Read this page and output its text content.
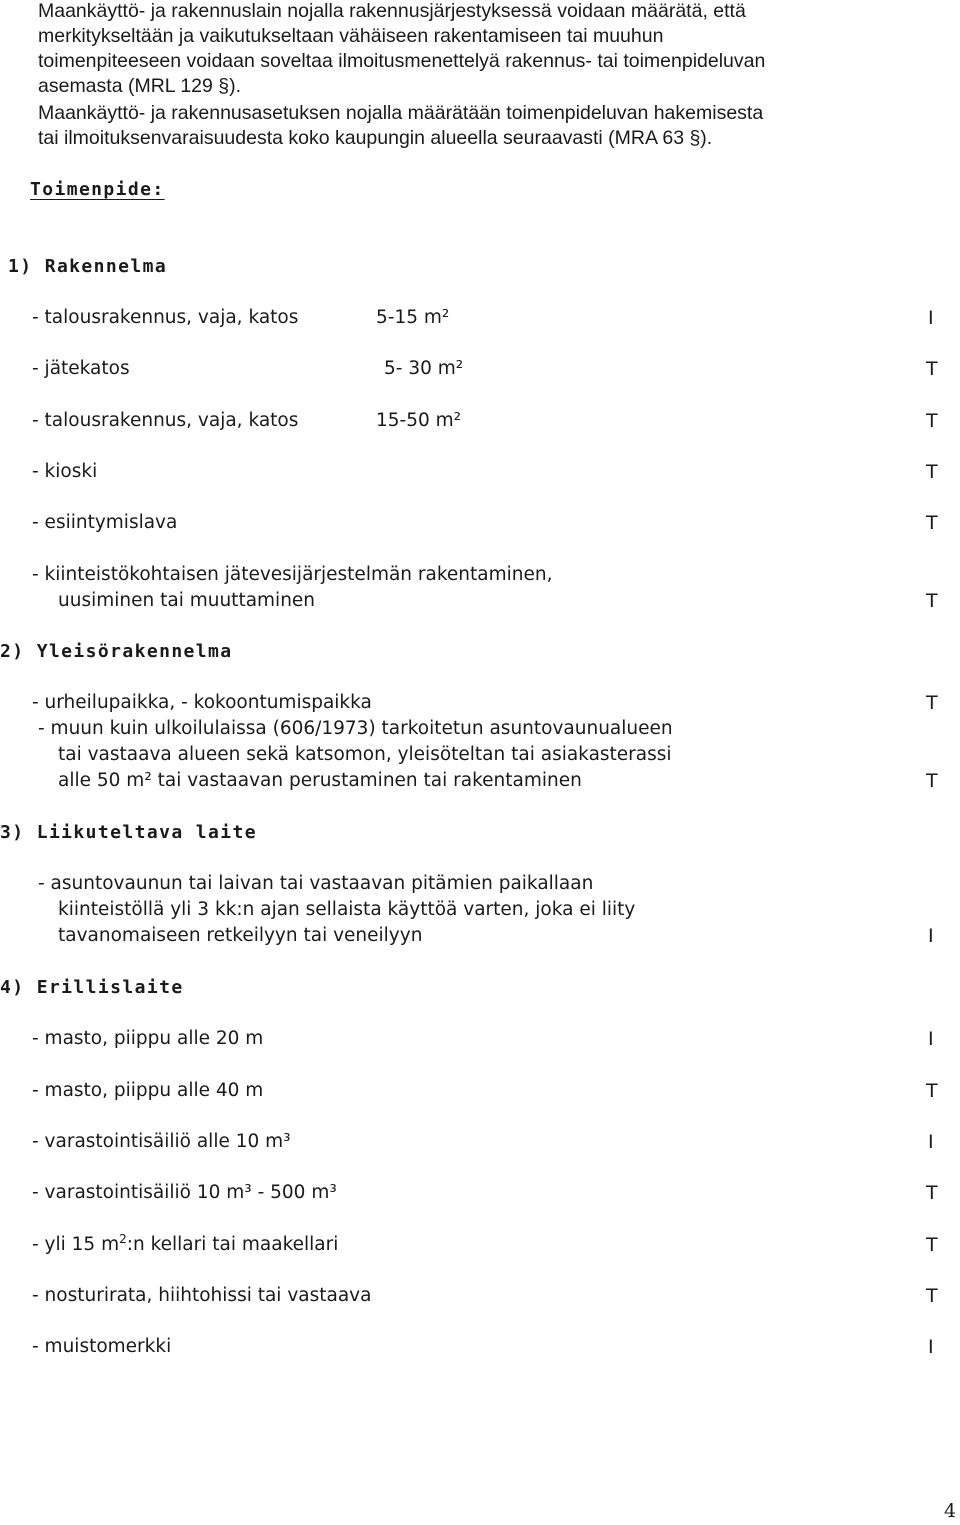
Maankäyttö- ja rakennuslain nojalla rakennusjärjestyksessä voidaan määrätä, että
merkitykseltään ja vaikutukseltaan vähäiseen rakentamiseen tai muuhun
toimenpiteeseen voidaan soveltaa ilmoitusmenettelyä rakennus- tai toimenpideluvan
asemasta (MRL 129 §).
Maankäyttö- ja rakennusasetuksen nojalla määrätään toimenpideluvan hakemisesta
tai ilmoituksenvaraisuudesta koko kaupungin alueella seuraavasti (MRA 63 §).
Toimenpide:
1) Rakennelma
- talousrakennus, vaja, katos	5-15 m²	I
- jätekatos	5- 30 m²	T
- talousrakennus, vaja, katos	15-50 m²	T
- kioski	T
- esiintymislava	T
- kiinteistökohtaisen jätevesijärjestelmän rakentaminen,
uusiminen tai muuttaminen	T
2) Yleisörakennelma
- urheilupaikka, - kokoontumispaikka	T
- muun kuin ulkoilulaissa (606/1973) tarkoitetun asuntovaunualueen
tai vastaava alueen sekä katsomon, yleisöteltan tai asiakasterassi
alle 50 m² tai vastaavan perustaminen tai rakentaminen	T
3) Liikuteltava laite
- asuntovaunun tai laivan tai vastaavan pitämien paikallaan
kiinteistöllä yli 3 kk:n ajan sellaista käyttöä varten, joka ei liity
tavanomaiseen retkeilyyn tai veneilyyn	I
4) Erillislaite
- masto, piippu alle 20 m	I
- masto, piippu alle 40 m	T
- varastointisäiliö alle 10 m³	I
- varastointisäiliö 10 m³ - 500 m³	T
- yli 15 $m^2:n$ kellari tai maakellari	T
- nosturirata, hiihtohissi tai vastaava	T
- muistomerkki	I
4
